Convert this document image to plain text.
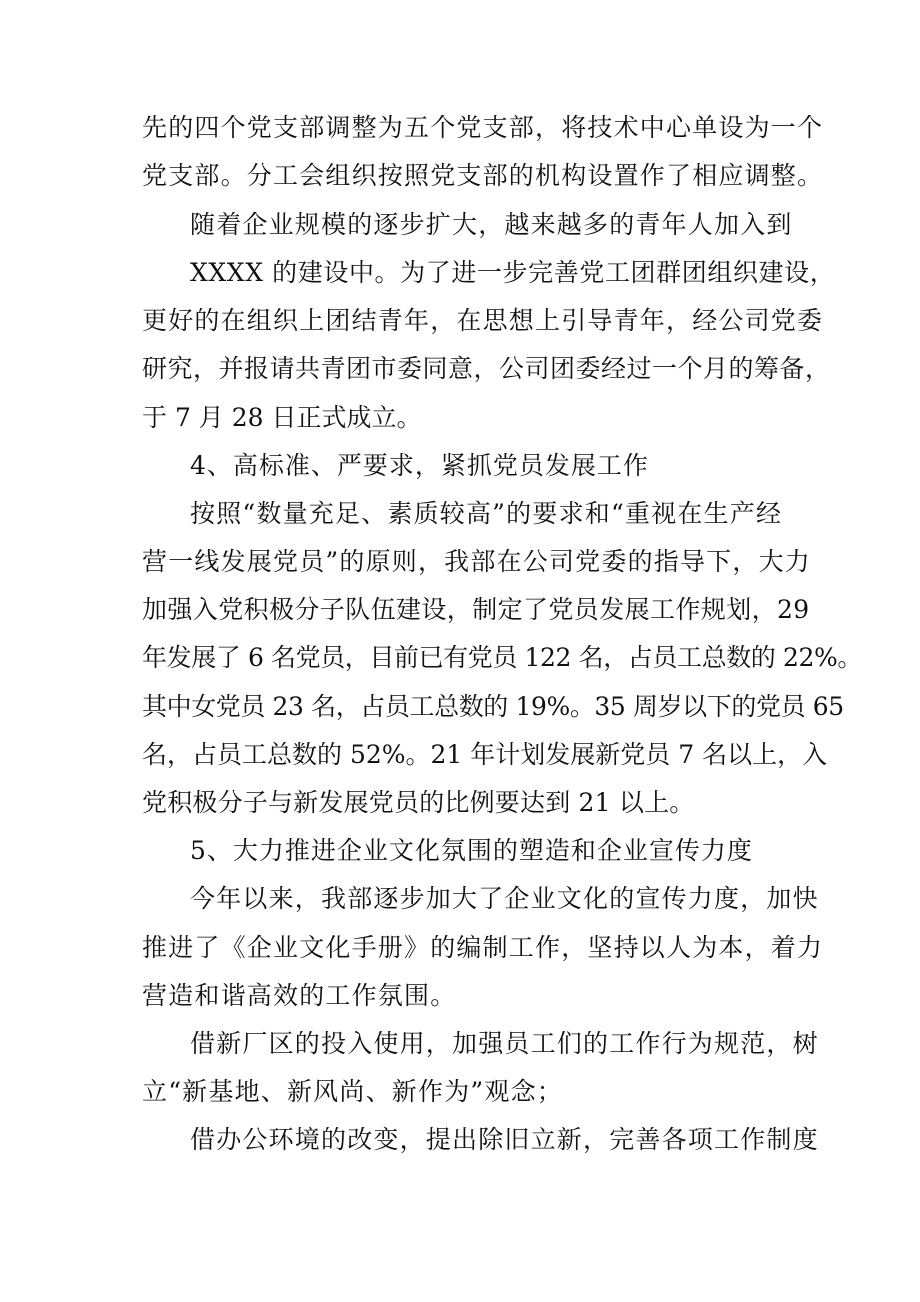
先的四个党支部调整为五个党支部，将技术中心单设为一个
党支部。分工会组织按照党支部的机构设置作了相应调整。
随着企业规模的逐步扩大，越来越多的青年人加入到
XXXX 的建设中。为了进一步完善党工团群团组织建设，
更好的在组织上团结青年，在思想上引导青年，经公司党委
研究，并报请共青团市委同意，公司团委经过一个月的筹备，
于 7 月 28 日正式成立。
4、高标准、严要求，紧抓党员发展工作
按照“数量充足、素质较高”的要求和“重视在生产经
营一线发展党员”的原则，我部在公司党委的指导下，大力
加强入党积极分子队伍建设，制定了党员发展工作规划，29
年发展了 6 名党员，目前已有党员 122 名，占员工总数的 22%。
其中女党员 23 名，占员工总数的 19%。35 周岁以下的党员 65
名，占员工总数的 52%。21 年计划发展新党员 7 名以上，入
党积极分子与新发展党员的比例要达到 21 以上。
5、大力推进企业文化氛围的塑造和企业宣传力度
今年以来，我部逐步加大了企业文化的宣传力度，加快
推进了《企业文化手册》的编制工作，坚持以人为本，着力
营造和谐高效的工作氛围。
借新厂区的投入使用，加强员工们的工作行为规范，树
立“新基地、新风尚、新作为”观念；
借办公环境的改变，提出除旧立新，完善各项工作制度
